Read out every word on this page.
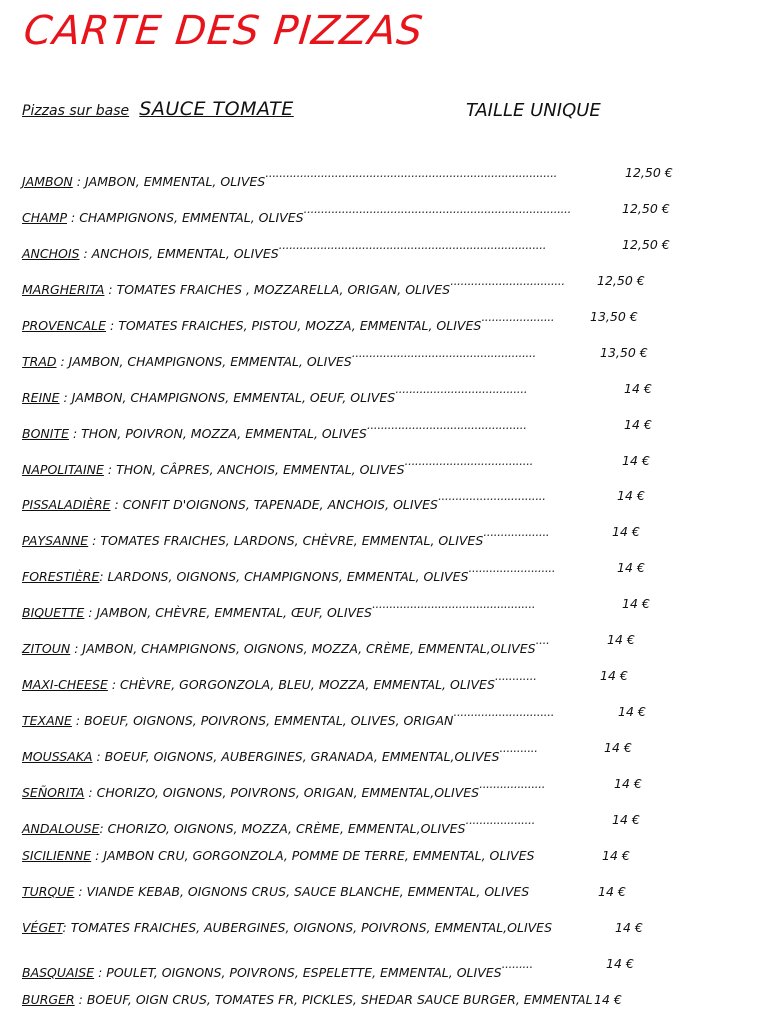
CARTE DES PIZZAS
Pizzas sur base SAUCE TOMATE	TAILLE UNIQUE
JAMBON : JAMBON, EMMENTAL, OLIVES....................................................................................	12,50 €
CHAMP : CHAMPIGNONS, EMMENTAL, OLIVES.............................................................................	12,50 €
ANCHOIS : ANCHOIS, EMMENTAL, OLIVES.............................................................................	12,50 €
MARGHERITA : TOMATES FRAICHES , MOZZARELLA, ORIGAN, OLIVES.................................	12,50 €
PROVENCALE : TOMATES FRAICHES, PISTOU, MOZZA, EMMENTAL, OLIVES.....................	13,50 €
TRAD : JAMBON, CHAMPIGNONS, EMMENTAL, OLIVES.....................................................	13,50 €
REINE : JAMBON, CHAMPIGNONS, EMMENTAL, OEUF, OLIVES......................................	14 €
BONITE : THON, POIVRON, MOZZA, EMMENTAL, OLIVES..............................................	14 €
NAPOLITAINE : THON, CÂPRES, ANCHOIS, EMMENTAL, OLIVES.....................................	14 €
PISSALADIÈRE : CONFIT D'OIGNONS, TAPENADE, ANCHOIS, OLIVES...............................	14 €
PAYSANNE : TOMATES FRAICHES, LARDONS, CHÈVRE, EMMENTAL, OLIVES...................	14 €
FORESTIÈRE: LARDONS, OIGNONS, CHAMPIGNONS, EMMENTAL, OLIVES.........................	14 €
BIQUETTE : JAMBON, CHÈVRE, EMMENTAL, ŒUF, OLIVES...............................................	14 €
ZITOUN : JAMBON, CHAMPIGNONS, OIGNONS, MOZZA, CRÈME, EMMENTAL,OLIVES....	14 €
MAXI-CHEESE : CHÈVRE, GORGONZOLA, BLEU, MOZZA, EMMENTAL, OLIVES............	14 €
TEXANE : BOEUF, OIGNONS, POIVRONS, EMMENTAL, OLIVES, ORIGAN.............................	14 €
MOUSSAKA : BOEUF, OIGNONS, AUBERGINES, GRANADA, EMMENTAL,OLIVES...........	14 €
SEÑORITA : CHORIZO, OIGNONS, POIVRONS, ORIGAN, EMMENTAL,OLIVES...................	14 €
ANDALOUSE: CHORIZO, OIGNONS, MOZZA, CRÈME, EMMENTAL,OLIVES....................	14 €
SICILIENNE : JAMBON CRU, GORGONZOLA, POMME DE TERRE, EMMENTAL, OLIVES	14 €
TURQUE : VIANDE KEBAB, OIGNONS CRUS, SAUCE BLANCHE, EMMENTAL, OLIVES	14 €
VÉGET: TOMATES FRAICHES, AUBERGINES, OIGNONS, POIVRONS, EMMENTAL,OLIVES	14 €
BASQUAISE : POULET, OIGNONS, POIVRONS, ESPELETTE, EMMENTAL, OLIVES.........	14 €
BURGER : BOEUF, OIGN CRUS, TOMATES FR, PICKLES, SHEDAR SAUCE BURGER, EMMENTAL 14 €
